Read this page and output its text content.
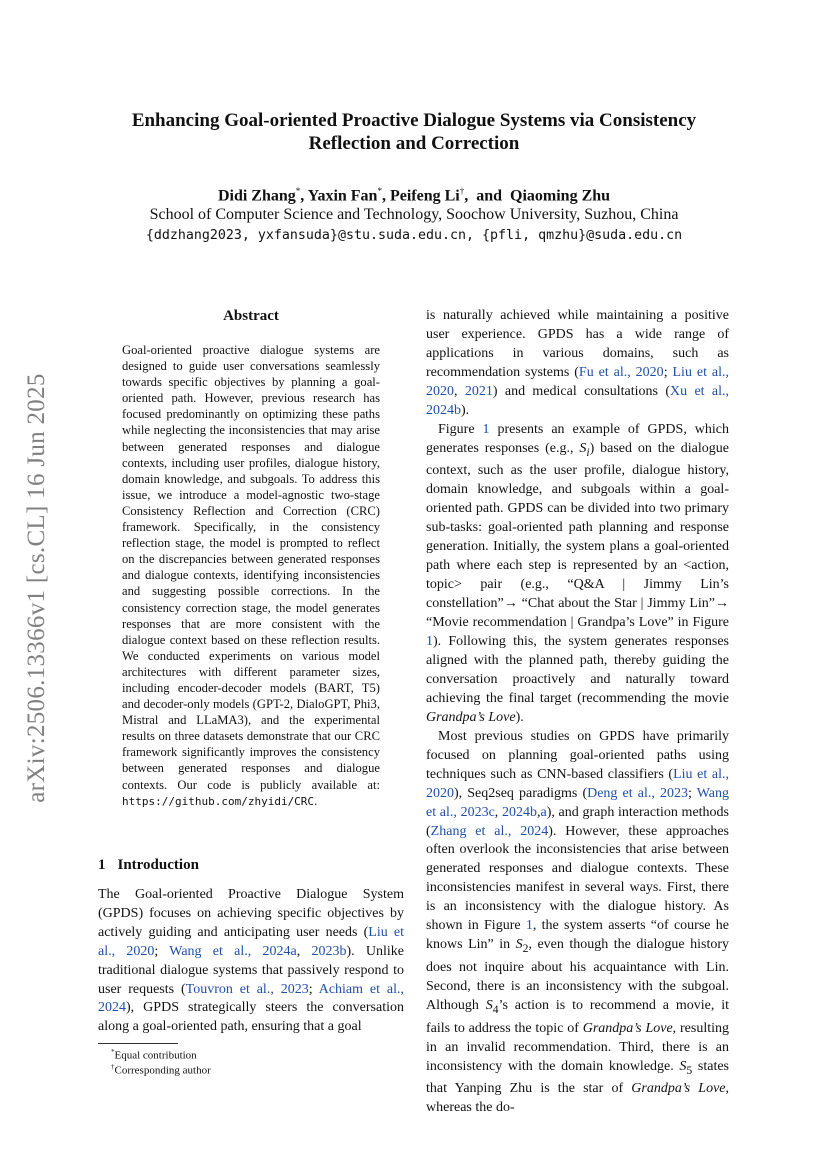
arXiv:2506.13366v1 [cs.CL] 16 Jun 2025
Enhancing Goal-oriented Proactive Dialogue Systems via Consistency Reflection and Correction
Didi Zhang*, Yaxin Fan*, Peifeng Li†,  and Qiaoming Zhu
School of Computer Science and Technology, Soochow University, Suzhou, China
{ddzhang2023, yxfansuda}@stu.suda.edu.cn, {pfli, qmzhu}@suda.edu.cn
Abstract

Goal-oriented proactive dialogue systems are designed to guide user conversations seamlessly towards specific objectives by planning a goal-oriented path. However, previous research has focused predominantly on optimizing these paths while neglecting the inconsistencies that may arise between generated responses and dialogue contexts, including user profiles, dialogue history, domain knowledge, and subgoals. To address this issue, we introduce a model-agnostic two-stage Consistency Reflection and Correction (CRC) framework. Specifically, in the consistency reflection stage, the model is prompted to reflect on the discrepancies between generated responses and dialogue contexts, identifying inconsistencies and suggesting possible corrections. In the consistency correction stage, the model generates responses that are more consistent with the dialogue context based on these reflection results. We conducted experiments on various model architectures with different parameter sizes, including encoder-decoder models (BART, T5) and decoder-only models (GPT-2, DialoGPT, Phi3, Mistral and LLaMA3), and the experimental results on three datasets demonstrate that our CRC framework significantly improves the consistency between generated responses and dialogue contexts. Our code is publicly available at: https://github.com/zhyidi/CRC.

1 Introduction

The Goal-oriented Proactive Dialogue System (GPDS) focuses on achieving specific objectives by actively guiding and anticipating user needs (Liu et al., 2020; Wang et al., 2024a, 2023b). Unlike traditional dialogue systems that passively respond to user requests (Touvron et al., 2023; Achiam et al., 2024), GPDS strategically steers the conversation along a goal-oriented path, ensuring that a goal

*Equal contribution
†Corresponding author

is naturally achieved while maintaining a positive user experience. GPDS has a wide range of applications in various domains, such as recommendation systems (Fu et al., 2020; Liu et al., 2020, 2021) and medical consultations (Xu et al., 2024b).

Figure 1 presents an example of GPDS, which generates responses (e.g., $S_i$) based on the dialogue context, such as the user profile, dialogue history, domain knowledge, and subgoals within a goal-oriented path. GPDS can be divided into two primary sub-tasks: goal-oriented path planning and response generation. Initially, the system plans a goal-oriented path where each step is represented by an <action, topic> pair (e.g., “Q&A | Jimmy Lin’s constellation”→ “Chat about the Star | Jimmy Lin”→ “Movie recommendation | Grandpa’s Love” in Figure 1). Following this, the system generates responses aligned with the planned path, thereby guiding the conversation proactively and naturally toward achieving the final target (recommending the movie Grandpa’s Love).

Most previous studies on GPDS have primarily focused on planning goal-oriented paths using techniques such as CNN-based classifiers (Liu et al., 2020), Seq2seq paradigms (Deng et al., 2023; Wang et al., 2023c, 2024b,a), and graph interaction methods (Zhang et al., 2024). However, these approaches often overlook the inconsistencies that arise between generated responses and dialogue contexts. These inconsistencies manifest in several ways. First, there is an inconsistency with the dialogue history. As shown in Figure 1, the system asserts “of course he knows Lin” in $S_2$, even though the dialogue history does not inquire about his acquaintance with Lin. Second, there is an inconsistency with the subgoal. Although $S_4’s$ action is to recommend a movie, it fails to address the topic of Grandpa’s Love, resulting in an invalid recommendation. Third, there is an inconsistency with the domain knowledge. $S_5$ states that Yanping Zhu is the star of Grandpa’s Love, whereas the do-
